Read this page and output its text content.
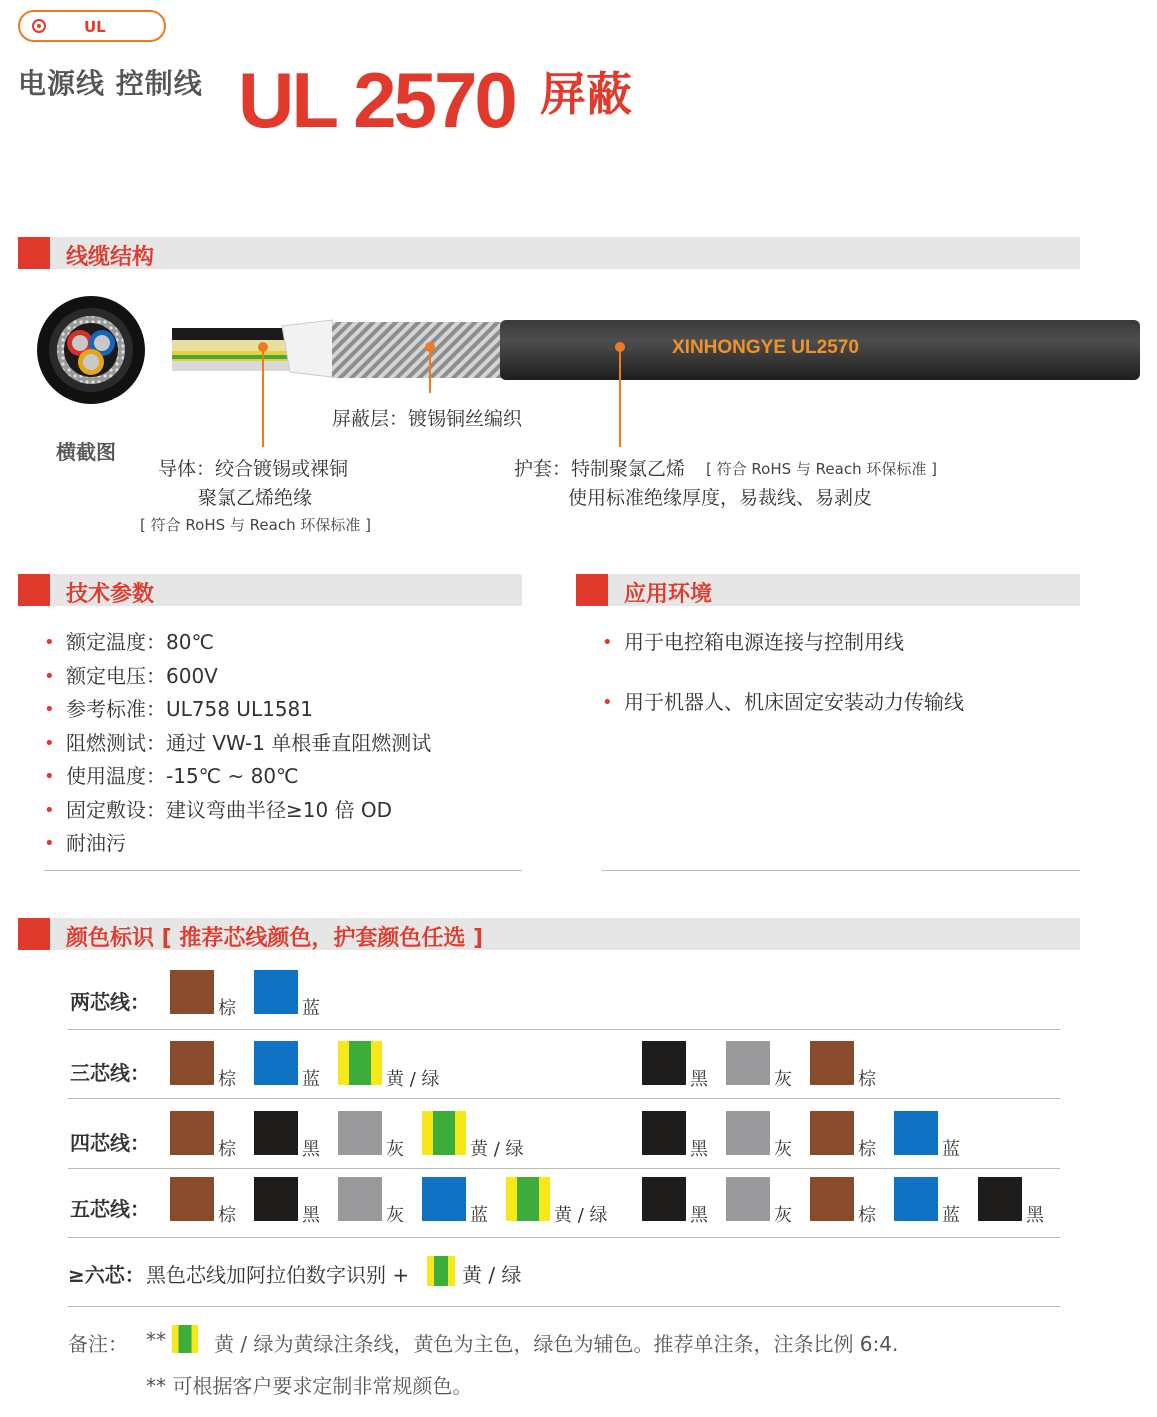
UL
电源线 控制线 UL 2570 屏蔽
线缆结构
横截图
XINHONGYE UL2570
屏蔽层：镀锡铜丝编织
导体：绞合镀锡或裸铜
聚氯乙烯绝缘
[ 符合 RoHS 与 Reach 环保标准 ]
护套：特制聚氯乙烯 [ 符合 RoHS 与 Reach 环保标准 ]
使用标准绝缘厚度，易裁线、易剥皮
技术参数	应用环境
• 额定温度：80℃
• 额定电压：600V
• 参考标准：UL758 UL1581
• 阻燃测试：通过 VW-1 单根垂直阻燃测试
• 使用温度：-15℃ ~ 80℃
• 固定敷设：建议弯曲半径≥10 倍 OD
• 耐油污
• 用于电控箱电源连接与控制用线
• 用于机器人、机床固定安装动力传输线
颜色标识 [ 推荐芯线颜色，护套颜色任选 ]
两芯线：	棕	蓝
三芯线：	棕	蓝	黄 / 绿	黑	灰	棕
四芯线：	棕	黑	灰	黄 / 绿	黑	灰	棕	蓝
五芯线：	棕	黑	灰	蓝	黄 / 绿	黑	灰	棕	蓝	黑
≥六芯： 黑色芯线加阿拉伯数字识别 +	黄 / 绿
备注： ** 黄 / 绿为黄绿注条线，黄色为主色，绿色为辅色。推荐单注条，注条比例 6:4.
** 可根据客户要求定制非常规颜色。
